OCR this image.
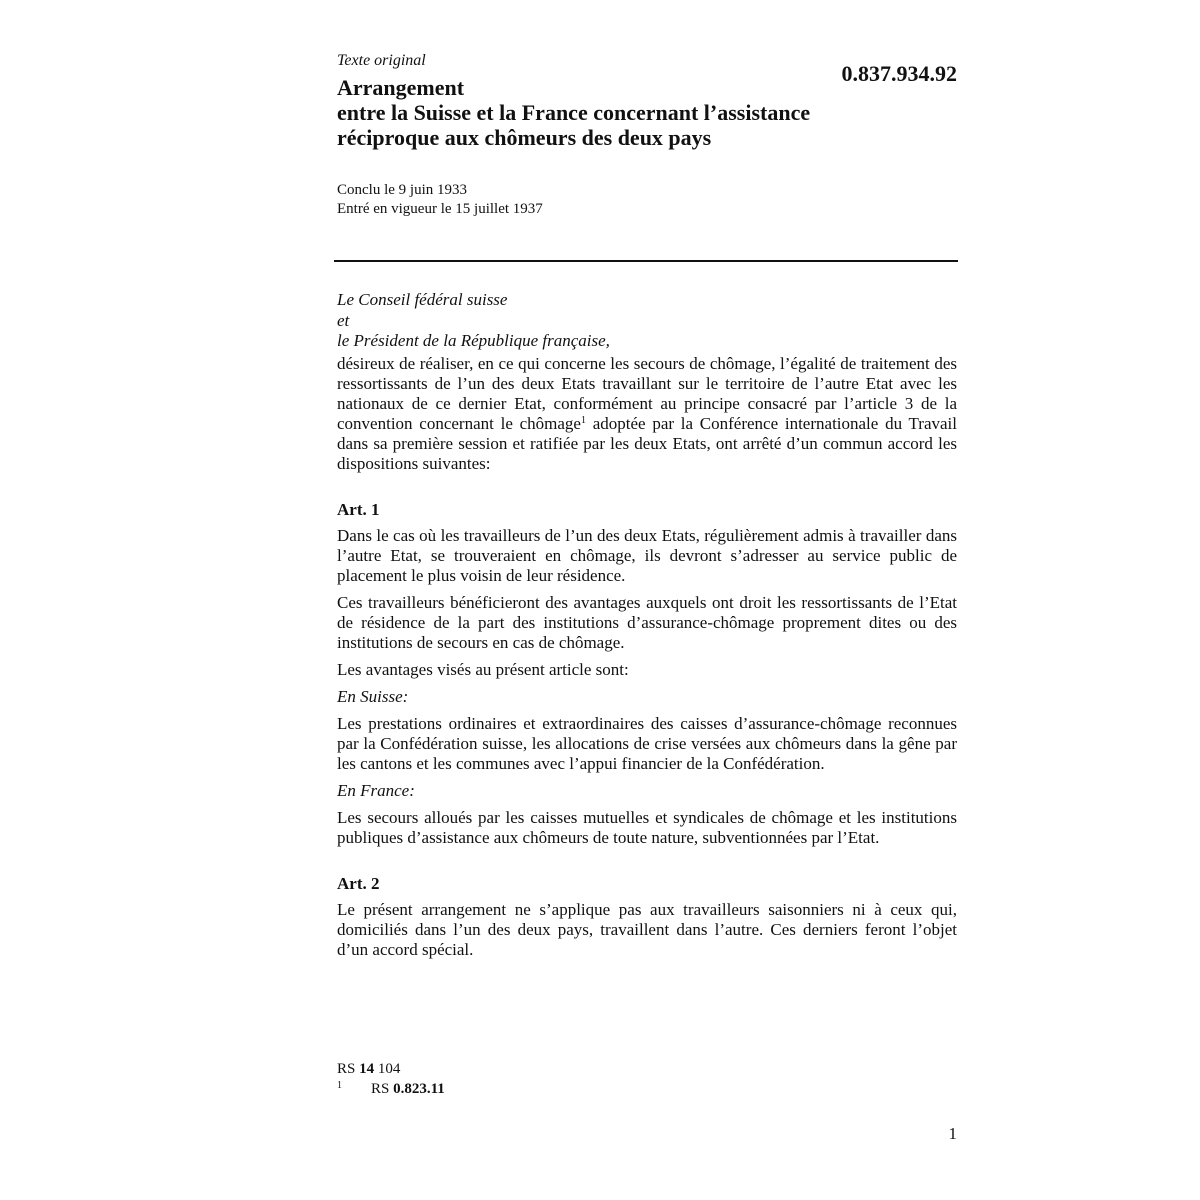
Texte original
0.837.934.92
Arrangement
entre la Suisse et la France concernant l’assistance
réciproque aux chômeurs des deux pays
Conclu le 9 juin 1933
Entré en vigueur le 15 juillet 1937
Le Conseil fédéral suisse
et
le Président de la République française,

désireux de réaliser, en ce qui concerne les secours de chômage, l’égalité de traitement des ressortissants de l’un des deux Etats travaillant sur le territoire de l’autre Etat avec les nationaux de ce dernier Etat, conformément au principe consacré par l’article 3 de la convention concernant le chômage$^1$ adoptée par la Conférence internationale du Travail dans sa première session et ratifiée par les deux Etats, ont arrêté d’un commun accord les dispositions suivantes:

Art. 1

Dans le cas où les travailleurs de l’un des deux Etats, régulièrement admis à travailler dans l’autre Etat, se trouveraient en chômage, ils devront s’adresser au service public de placement le plus voisin de leur résidence.

Ces travailleurs bénéficieront des avantages auxquels ont droit les ressortissants de l’Etat de résidence de la part des institutions d’assurance-chômage proprement dites ou des institutions de secours en cas de chômage.

Les avantages visés au présent article sont:

En Suisse:

Les prestations ordinaires et extraordinaires des caisses d’assurance-chômage reconnues par la Confédération suisse, les allocations de crise versées aux chômeurs dans la gêne par les cantons et les communes avec l’appui financier de la Confédération.

En France:

Les secours alloués par les caisses mutuelles et syndicales de chômage et les institutions publiques d’assistance aux chômeurs de toute nature, subventionnées par l’Etat.

Art. 2

Le présent arrangement ne s’applique pas aux travailleurs saisonniers ni à ceux qui, domiciliés dans l’un des deux pays, travaillent dans l’autre. Ces derniers feront l’objet d’un accord spécial.

RS 14 104
1 RS 0.823.11
1
